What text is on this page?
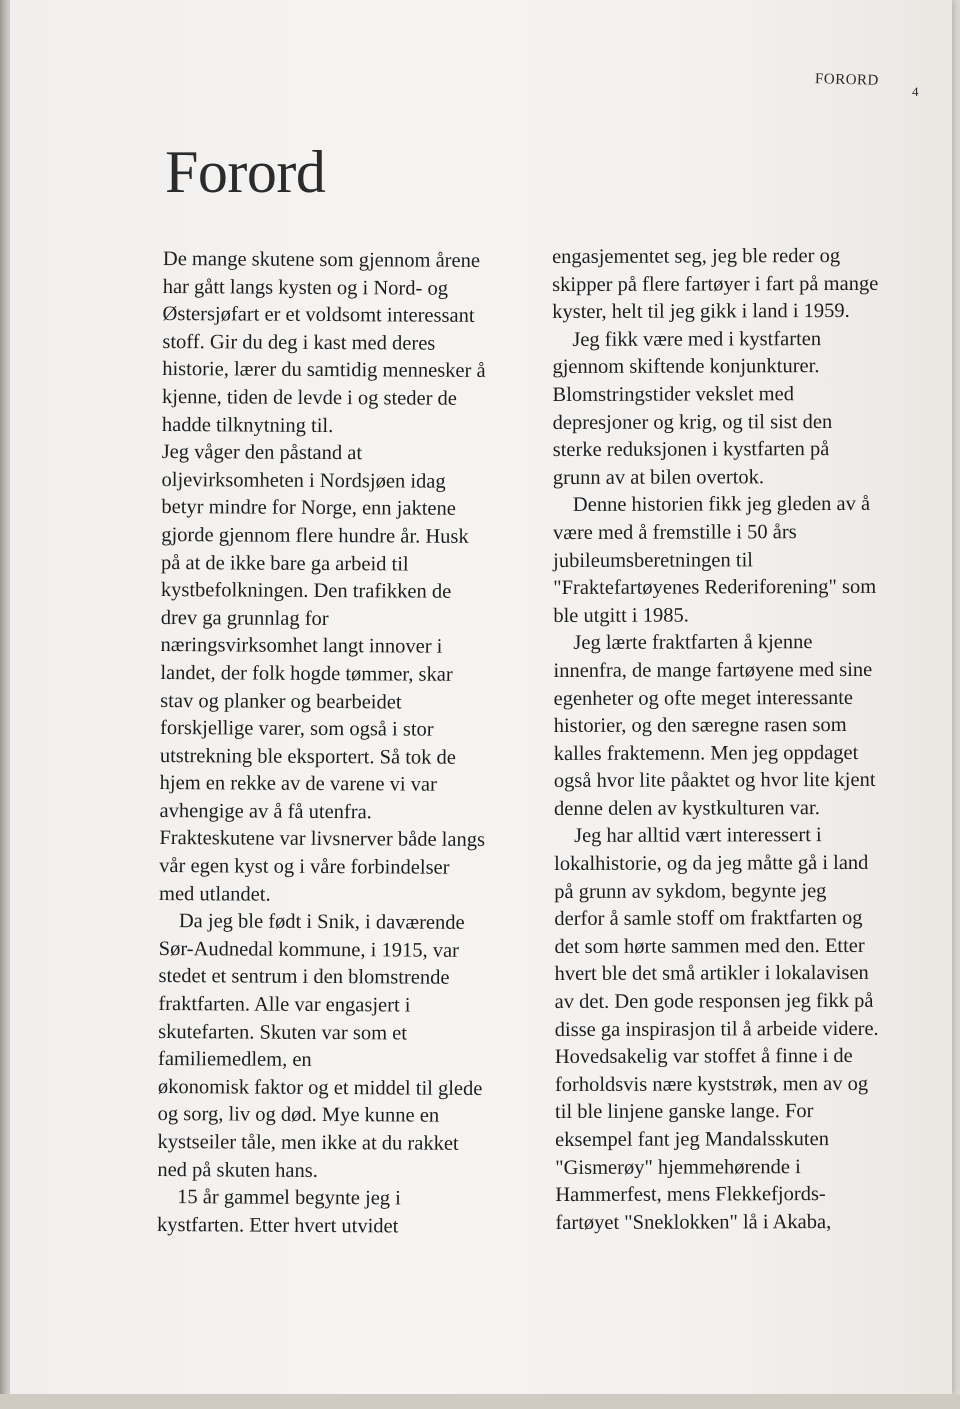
FORORD
4
Forord
De mange skutene som gjennom årene
har gått langs kysten og i Nord- og
Østersjøfart er et voldsomt interessant
stoff. Gir du deg i kast med deres
historie, lærer du samtidig mennesker å
kjenne, tiden de levde i og steder de
hadde tilknytning til.
Jeg våger den påstand at
oljevirksomheten i Nordsjøen idag
betyr mindre for Norge, enn jaktene
gjorde gjennom flere hundre år. Husk
på at de ikke bare ga arbeid til
kystbefolkningen. Den trafikken de
drev ga grunnlag for
næringsvirksomhet langt innover i
landet, der folk hogde tømmer, skar
stav og planker og bearbeidet
forskjellige varer, som også i stor
utstrekning ble eksportert. Så tok de
hjem en rekke av de varene vi var
avhengige av å få utenfra.
Frakteskutene var livsnerver både langs
vår egen kyst og i våre forbindelser
med utlandet.
Da jeg ble født i Snik, i daværende
Sør-Audnedal kommune, i 1915, var
stedet et sentrum i den blomstrende
fraktfarten. Alle var engasjert i
skutefarten. Skuten var som et
familiemedlem, en
økonomisk faktor og et middel til glede
og sorg, liv og død. Mye kunne en
kystseiler tåle, men ikke at du rakket
ned på skuten hans.
15 år gammel begynte jeg i
kystfarten. Etter hvert utvidet
engasjementet seg, jeg ble reder og
skipper på flere fartøyer i fart på mange
kyster, helt til jeg gikk i land i 1959.
Jeg fikk være med i kystfarten
gjennom skiftende konjunkturer.
Blomstringstider vekslet med
depresjoner og krig, og til sist den
sterke reduksjonen i kystfarten på
grunn av at bilen overtok.
Denne historien fikk jeg gleden av å
være med å fremstille i 50 års
jubileumsberetningen til
"Fraktefartøyenes Rederiforening" som
ble utgitt i 1985.
Jeg lærte fraktfarten å kjenne
innenfra, de mange fartøyene med sine
egenheter og ofte meget interessante
historier, og den særegne rasen som
kalles fraktemenn. Men jeg oppdaget
også hvor lite påaktet og hvor lite kjent
denne delen av kystkulturen var.
Jeg har alltid vært interessert i
lokalhistorie, og da jeg måtte gå i land
på grunn av sykdom, begynte jeg
derfor å samle stoff om fraktfarten og
det som hørte sammen med den. Etter
hvert ble det små artikler i lokalavisen
av det. Den gode responsen jeg fikk på
disse ga inspirasjon til å arbeide videre.
Hovedsakelig var stoffet å finne i de
forholdsvis nære kyststrøk, men av og
til ble linjene ganske lange. For
eksempel fant jeg Mandalsskuten
"Gismerøy" hjemmehørende i
Hammerfest, mens Flekkefjords-
fartøyet "Sneklokken" lå i Akaba,
